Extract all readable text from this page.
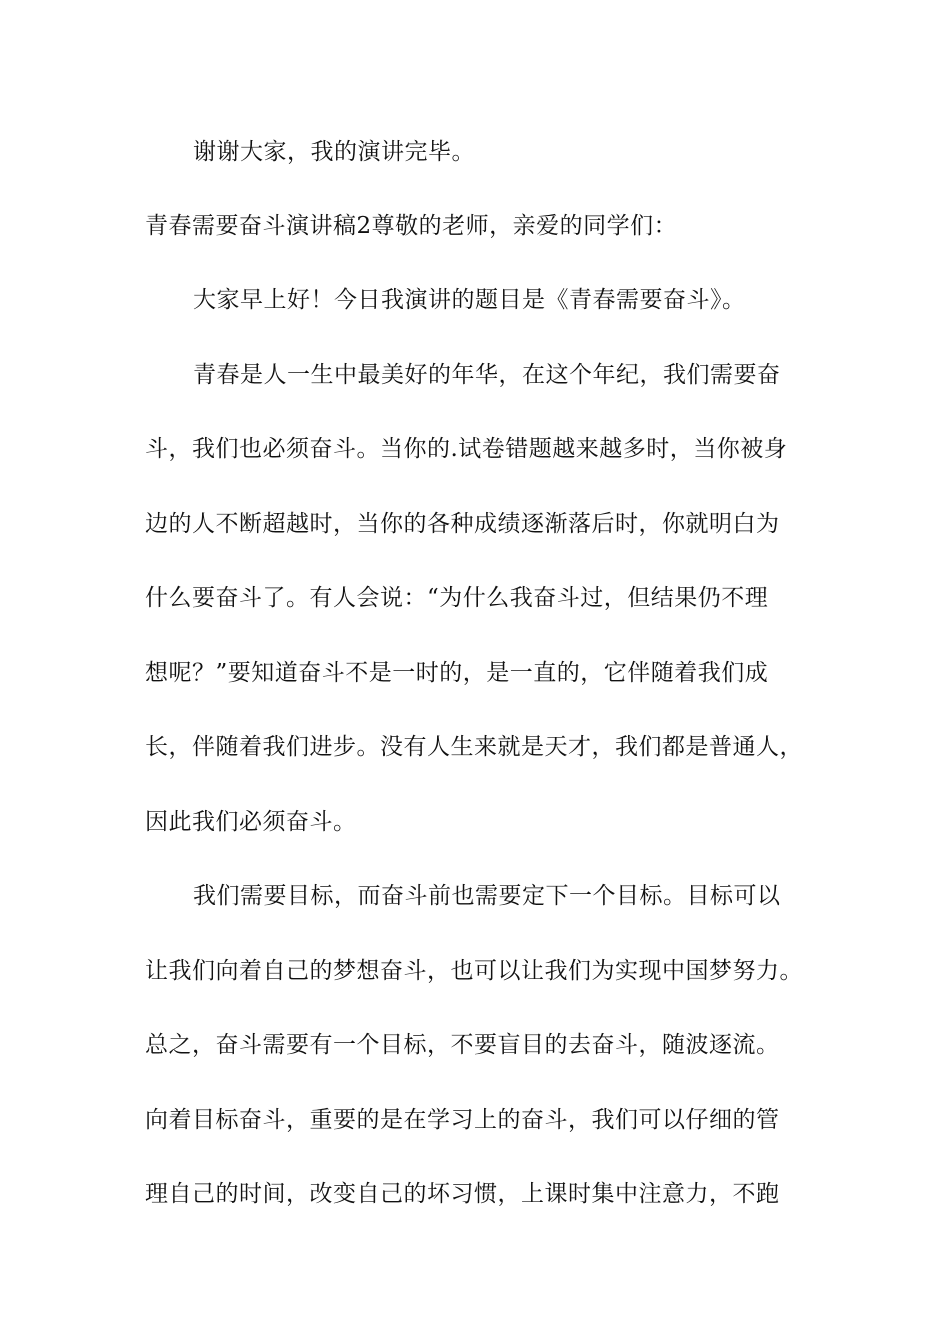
谢谢大家，我的演讲完毕。

青春需要奋斗演讲稿2尊敬的老师，亲爱的同学们：

大家早上好！今日我演讲的题目是《青春需要奋斗》。

青春是人一生中最美好的年华，在这个年纪，我们需要奋

斗，我们也必须奋斗。当你的.试卷错题越来越多时，当你被身

边的人不断超越时，当你的各种成绩逐渐落后时，你就明白为

什么要奋斗了。有人会说：“为什么我奋斗过，但结果仍不理

想呢？”要知道奋斗不是一时的，是一直的，它伴随着我们成

长，伴随着我们进步。没有人生来就是天才，我们都是普通人，

因此我们必须奋斗。

我们需要目标，而奋斗前也需要定下一个目标。目标可以

让我们向着自己的梦想奋斗，也可以让我们为实现中国梦努力。

总之，奋斗需要有一个目标，不要盲目的去奋斗，随波逐流。

向着目标奋斗，重要的是在学习上的奋斗，我们可以仔细的管

理自己的时间，改变自己的坏习惯，上课时集中注意力，不跑
